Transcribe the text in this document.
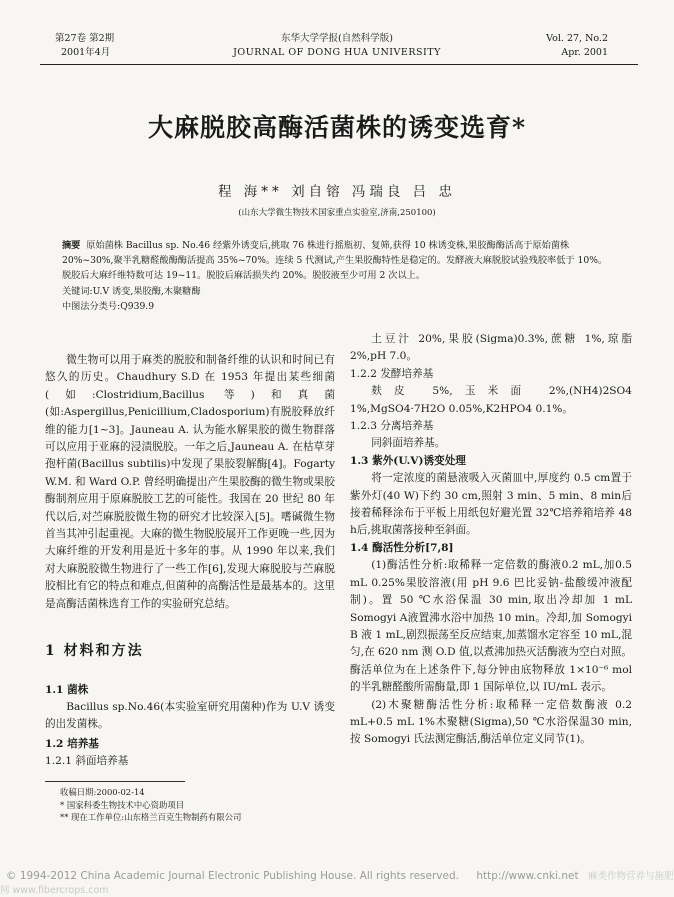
第27卷 第2期
2001年4月
东华大学学报(自然科学版)
JOURNAL OF DONG HUA UNIVERSITY
Vol. 27, No.2
Apr. 2001
大麻脱胶高酶活菌株的诱变选育*
程 海** 刘自镕 冯瑞良 吕 忠
(山东大学微生物技术国家重点实验室,济南,250100)

摘要 原始菌株 Bacillus sp. No.46 经紫外诱变后,挑取 76 株进行摇瓶初、复筛,获得 10 株诱变株,果胶酶酶活高于原始菌株 20%~30%,聚半乳糖醛酸酶酶活提高 35%~70%。连续 5 代测试,产生果胶酶特性是稳定的。发酵液大麻脱胶试验残胶率低于 10%。脱胶后大麻纤维特数可达 19~11。脱胶后麻活损失约 20%。脱胶液至少可用 2 次以上。

关键词:U.V 诱变,果胶酶,木聚糖酶

中图法分类号:Q939.9

微生物可以用于麻类的脱胶和制备纤维的认识和时间已有悠久的历史。Chaudhury S.D 在 1953 年提出某些细菌(如:Clostridium,Bacillus 等)和真菌(如:Aspergillus,Penicillium,Cladosporium)有脱胶释放纤维的能力[1~3]。Jauneau A. 认为能水解果胶的微生物群落可以应用于亚麻的浸渍脱胶。一年之后,Jauneau A. 在枯草芽孢杆菌(Bacillus subtilis)中发现了果胶裂解酶[4]。Fogarty W.M. 和 Ward O.P. 曾经明确提出产生果胶酶的微生物或果胶酶制剂应用于原麻脱胶工艺的可能性。我国在 20 世纪 80 年代以后,对苎麻脱胶微生物的研究才比较深入[5]。嗜碱微生物首当其冲引起重视。大麻的微生物脱胶展开工作更晚一些,因为大麻纤维的开发利用是近十多年的事。从 1990 年以来,我们对大麻脱胶微生物进行了一些工作[6],发现大麻脱胶与苎麻脱胶相比有它的特点和难点,但菌种的高酶活性是最基本的。这里是高酶活菌株选育工作的实验研究总结。

1 材料和方法
1.1 菌株

Bacillus sp.No.46(本实验室研究用菌种)作为 U.V 诱变的出发菌株。

1.2 培养基
1.2.1 斜面培养基
收稿日期:2000-02-14
* 国家科委生物技术中心资助项目
** 现在工作单位:山东格兰百克生物制药有限公司

土豆汁 20%,果胶(Sigma)0.3%,蔗糖 1%,琼脂 2%,pH 7.0。

1.2.2 发酵培养基

麸皮 5%,玉米面 2%,(NH4)2SO4 1%,MgSO4·7H2O 0.05%,K2HPO4 0.1%。

1.2.3 分离培养基

同斜面培养基。

1.3 紫外(U.V)诱变处理

将一定浓度的菌悬液吸入灭菌皿中,厚度约 0.5 cm置于紫外灯(40 W)下约 30 cm,照射 3 min、5 min、8 min后接着稀释涂布于平板上用纸包好避光置 32℃培养箱培养 48 h后,挑取菌落接种至斜面。

1.4 酶活性分析[7,8]

(1)酶活性分析:取稀释一定倍数的酶液0.2 mL,加0.5 mL 0.25%果胶溶液(用 pH 9.6 巴比妥钠-盐酸缓冲液配制)。置 50 ℃水浴保温 30 min,取出冷却加 1 mL Somogyi A液置沸水浴中加热 10 min。冷却,加 Somogyi B 液 1 mL,剧烈振荡至反应结束,加蒸馏水定容至 10 mL,混匀,在 620 nm 测 O.D 值,以煮沸加热灭活酶液为空白对照。酶活单位为在上述条件下,每分钟由底物释放 1×10⁻⁶ mol 的半乳糖醛酸所需酶量,即 1 国际单位,以 IU/mL 表示。

(2)木聚糖酶活性分析:取稀释一定倍数酶液 0.2 mL+0.5 mL 1%木聚糖(Sigma),50 ℃水浴保温30 min,按 Somogyi 氏法测定酶活,酶活单位定义同节(1)。

© 1994-2012 China Academic Journal Electronic Publishing House. All rights reserved. http://www.cnki.net 麻类作物营养与施肥网 www.fibercrops.com
